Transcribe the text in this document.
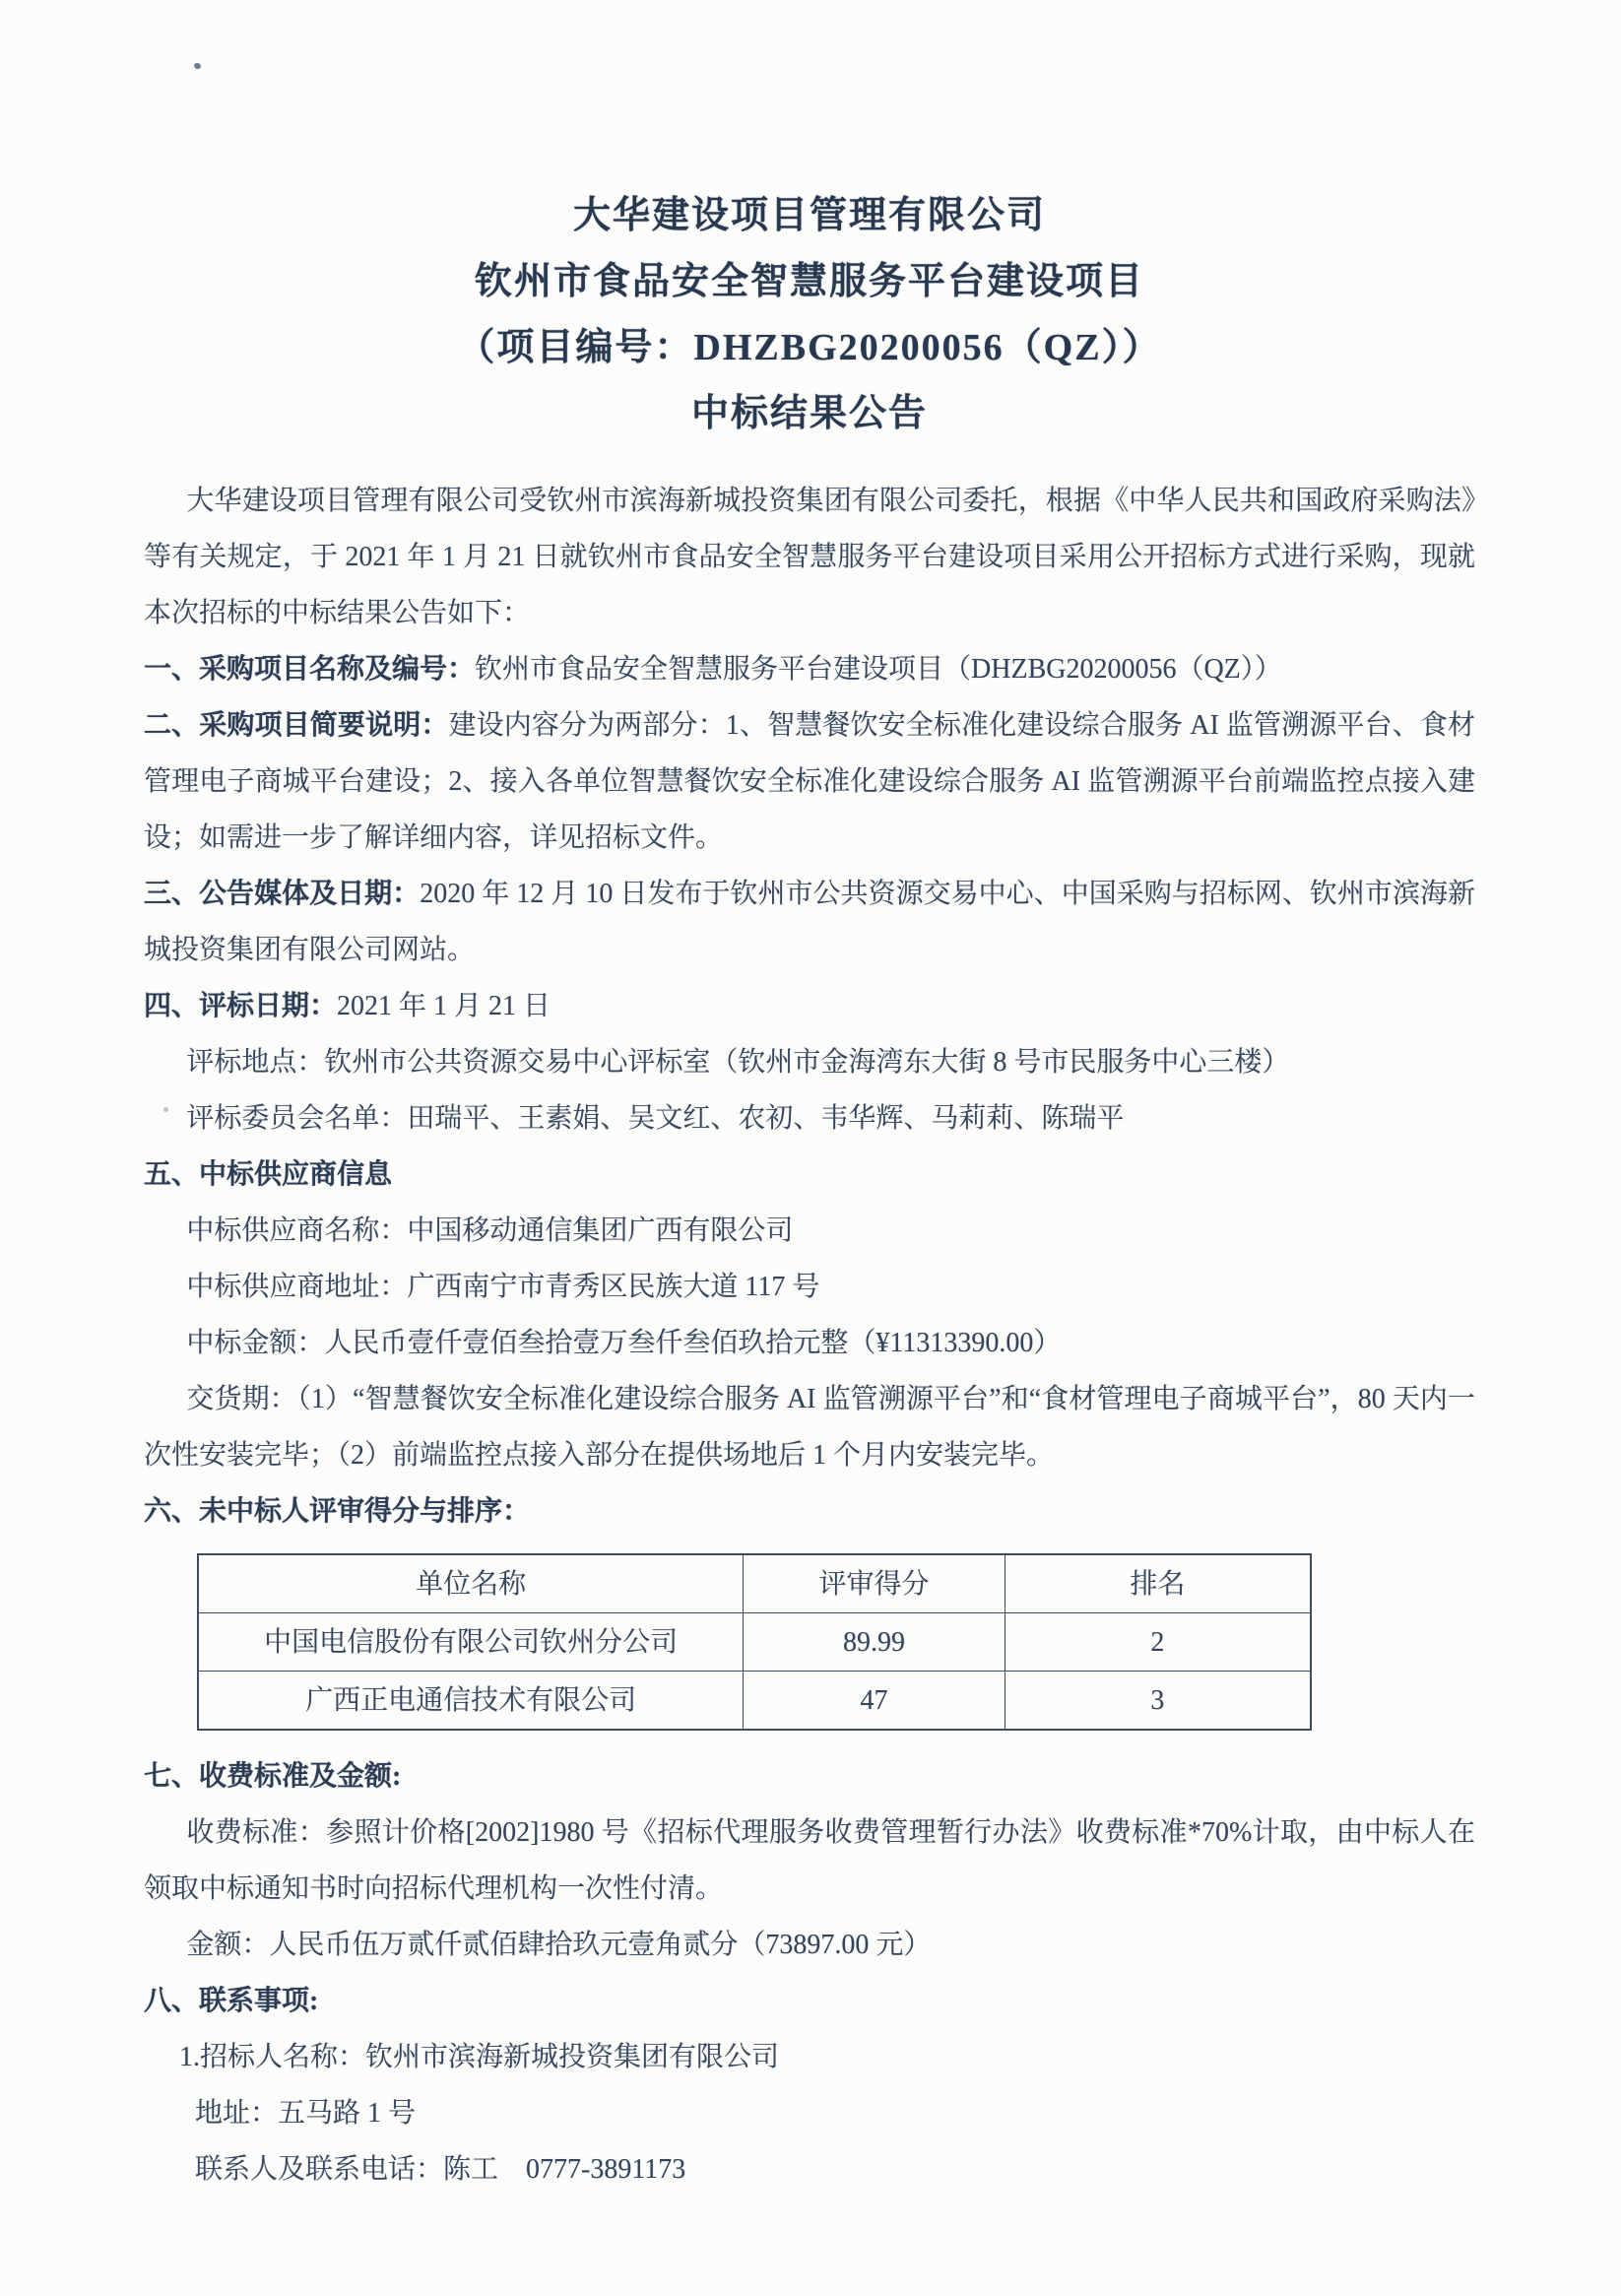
大华建设项目管理有限公司
钦州市食品安全智慧服务平台建设项目
（项目编号：DHZBG20200056（QZ））
中标结果公告

大华建设项目管理有限公司受钦州市滨海新城投资集团有限公司委托，根据《中华人民共和国政府采购法》等有关规定，于 2021 年 1 月 21 日就钦州市食品安全智慧服务平台建设项目采用公开招标方式进行采购，现就本次招标的中标结果公告如下：

一、采购项目名称及编号：钦州市食品安全智慧服务平台建设项目（DHZBG20200056（QZ））

二、采购项目简要说明：建设内容分为两部分：1、智慧餐饮安全标准化建设综合服务 AI 监管溯源平台、食材管理电子商城平台建设；2、接入各单位智慧餐饮安全标准化建设综合服务 AI 监管溯源平台前端监控点接入建设；如需进一步了解详细内容，详见招标文件。

三、公告媒体及日期：2020 年 12 月 10 日发布于钦州市公共资源交易中心、中国采购与招标网、钦州市滨海新城投资集团有限公司网站。

四、评标日期：2021 年 1 月 21 日

评标地点：钦州市公共资源交易中心评标室（钦州市金海湾东大街 8 号市民服务中心三楼）

评标委员会名单：田瑞平、王素娟、吴文红、农初、韦华辉、马莉莉、陈瑞平

五、中标供应商信息

中标供应商名称：中国移动通信集团广西有限公司

中标供应商地址：广西南宁市青秀区民族大道 117 号

中标金额：人民币壹仟壹佰叁拾壹万叁仟叁佰玖拾元整（¥11313390.00）

交货期：（1）“智慧餐饮安全标准化建设综合服务 AI 监管溯源平台”和“食材管理电子商城平台”，80 天内一次性安装完毕；（2）前端监控点接入部分在提供场地后 1 个月内安装完毕。

六、未中标人评审得分与排序：

单位名称	评审得分	排名
中国电信股份有限公司钦州分公司	89.99	2
广西正电通信技术有限公司	47	3

七、收费标准及金额:

收费标准：参照计价格[2002]1980 号《招标代理服务收费管理暂行办法》收费标准*70%计取，由中标人在领取中标通知书时向招标代理机构一次性付清。

金额：人民币伍万贰仟贰佰肆拾玖元壹角贰分（73897.00 元）

八、联系事项:

1.招标人名称：钦州市滨海新城投资集团有限公司

地址：五马路 1 号

联系人及联系电话：陈工　0777-3891173
